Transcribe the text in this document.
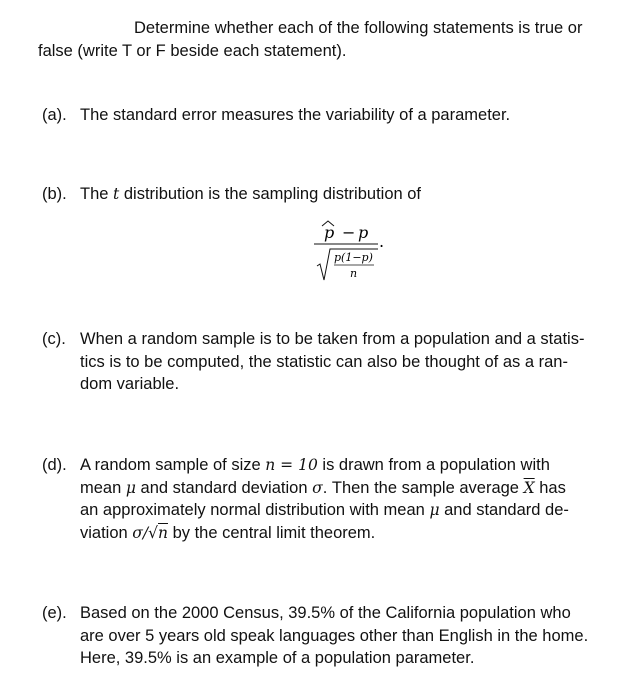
Determine whether each of the following statements is true or
false (write T or F beside each statement).
(a). The standard error measures the variability of a parameter.
(b). The t distribution is the sampling distribution of
p − p
p(1−p)
n
.
(c). When a random sample is to be taken from a population and a statis-
tics is to be computed, the statistic can also be thought of as a ran-
dom variable.
(d). A random sample of size n = 10 is drawn from a population with
mean μ and standard deviation σ. Then the sample average $\overline{X}$ has
an approximately normal distribution with mean μ and standard de-
viation σ/√n by the central limit theorem.
(e). Based on the 2000 Census, 39.5% of the California population who
are over 5 years old speak languages other than English in the home.
Here, 39.5% is an example of a population parameter.
